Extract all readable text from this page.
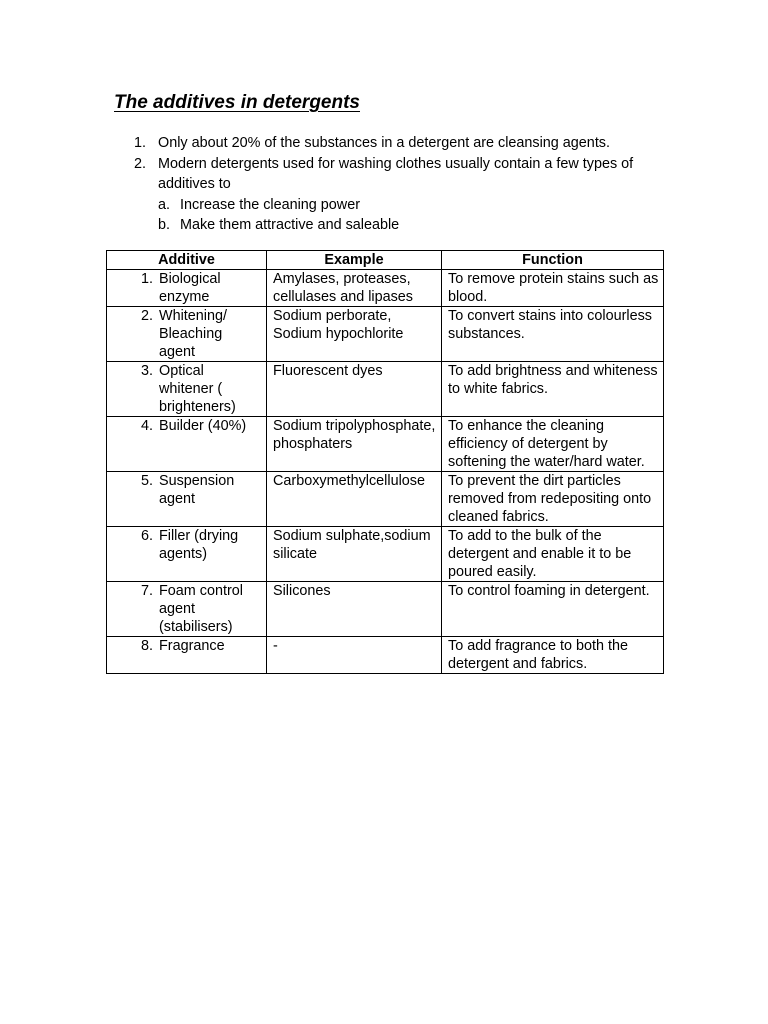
The additives in detergents
1. Only about 20% of the substances in a detergent are cleansing agents.
2. Modern detergents used for washing clothes usually contain a few types of additives to
a. Increase the cleaning power
b. Make them attractive and saleable
Additive	Example	Function

1. Biological enzyme	Amylases, proteases, cellulases and lipases	To remove protein stains such as blood.

2. Whitening/ Bleaching agent	Sodium perborate, Sodium hypochlorite	To convert stains into colourless substances.

3. Optical whitener ( brighteners)	Fluorescent dyes	To add brightness and whiteness to white fabrics.

4. Builder (40%)	Sodium tripolyphosphate, phosphaters	To enhance the cleaning efficiency of detergent by softening the water/hard water.

5. Suspension agent	Carboxymethylcellulose	To prevent the dirt particles removed from redepositing onto cleaned fabrics.

6. Filler (drying agents)	Sodium sulphate,sodium silicate	To add to the bulk of the detergent and enable it to be poured easily.

7. Foam control agent (stabilisers)	Silicones	To control foaming in detergent.

8. Fragrance	-	To add fragrance to both the detergent and fabrics.
